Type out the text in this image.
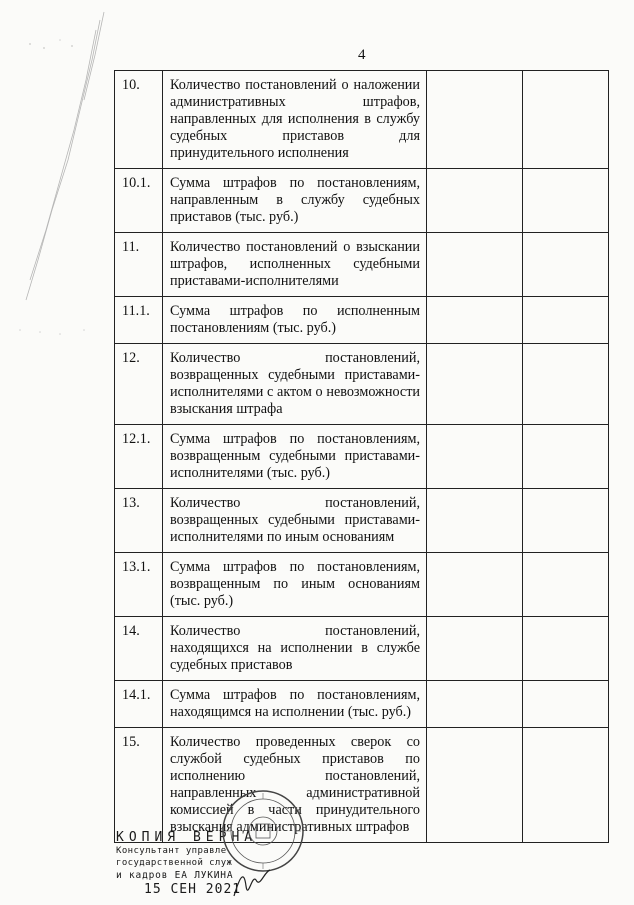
4
10.	Количество постановлений о наложении административных штрафов, направленных для исполнения в службу судебных приставов для принудительного исполнения		
10.1.	Сумма штрафов по постановлениям, направленным в службу судебных приставов (тыс. руб.)		
11.	Количество постановлений о взыскании штрафов, исполненных судебными приставами-исполнителями		
11.1.	Сумма штрафов по исполненным постановлениям (тыс. руб.)		
12.	Количество постановлений, возвращенных судебными приставами-исполнителями с актом о невозможности взыскания штрафа		
12.1.	Сумма штрафов по постановлениям, возвращенным судебными приставами-исполнителями (тыс. руб.)		
13.	Количество постановлений, возвращенных судебными приставами-исполнителями по иным основаниям		
13.1.	Сумма штрафов по постановлениям, возвращенным по иным основаниям (тыс. руб.)		
14.	Количество постановлений, находящихся на исполнении в службе судебных приставов		
14.1.	Сумма штрафов по постановлениям, находящимся на исполнении (тыс. руб.)		
15.	Количество проведенных сверок со службой судебных приставов по исполнению постановлений, направленных административной комиссией в части принудительного взыскания административных штрафов		
КОПИЯ ВЕРНА
Консультант управле
государственной служ
и кадров ЕА ЛУКИНА
15 СЕН 2021
